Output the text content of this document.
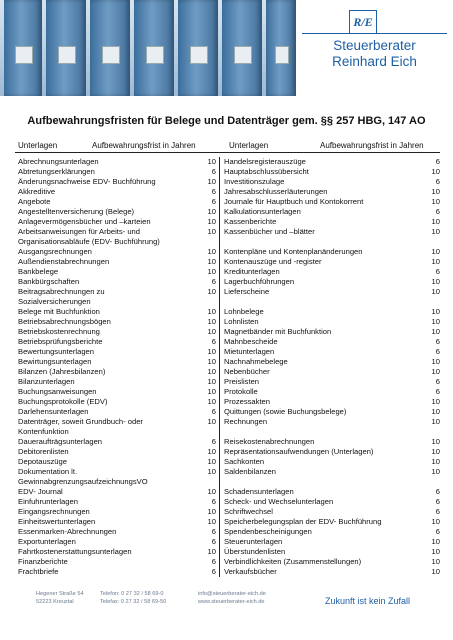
R/E
Steuerberater
Reinhard Eich
Aufbewahrungsfristen für Belege und Datenträger gem. §§ 257 HBG, 147 AO
Unterlagen	Aufbewahrungsfrist in Jahren	Unterlagen	Aufbewahrungsfrist in Jahren
Abrechnungsunterlagen	10	Handelsregisterauszüge	6
Abtretungserklärungen	6	Hauptabschlussübersicht	10
Änderungsnachweise EDV- Buchführung	10	Investitionszulage	6
Akkreditive	6	Jahresabschlusserläuterungen	10
Angebote	6	Journale für Hauptbuch und Kontokorrent	10
Angestelltenversicherung (Belege)	10	Kalkulationsunterlagen	6
Anlagevermögensbücher und –karteien	10	Kassenberichte	10
Arbeitsanweisungen für Arbeits- und	10	Kassenbücher und –blätter	10
Organisationsabläufe (EDV- Buchführung)
Ausgangsrechnungen	10	Kontenpläne und Kontenplanänderungen	10
Außendienstabrechnungen	10	Kontenauszüge und -register	10
Bankbelege	10	Kreditunterlagen	6
Bankbürgschaften	6	Lagerbuchführungen	10
Beitragsabrechnungen zu	10	Lieferscheine	10
Sozialversicherungen
Belege mit Buchfunktion	10	Lohnbelege	10
Betriebsabrechnungsbögen	10	Lohnlisten	10
Betriebskostenrechnung	10	Magnetbänder mit Buchfunktion	10
Betriebsprüfungsberichte	6	Mahnbescheide	6
Bewertungsunterlagen	10	Mietunterlagen	6
Bewirtungsunterlagen	10	Nachnahmebelege	10
Bilanzen (Jahresbilanzen)	10	Nebenbücher	10
Bilanzunterlagen	10	Preislisten	6
Buchungsanweisungen	10	Protokolle	6
Buchungsprotokolle (EDV)	10	Prozessakten	10
Darlehensunterlagen	6	Quittungen (sowie Buchungsbelege)	10
Datenträger, soweit Grundbuch- oder	10	Rechnungen	10
Kontenfunktion
Daueraufträgsunterlagen	6	Reisekostenabrechnungen	10
Debitorenlisten	10	Repräsentationsaufwendungen (Unterlagen)	10
Depotauszüge	10	Sachkonten	10
Dokumentation lt.	10	Saldenbilanzen	10
GewinnabgrenzungsaufzeichnungsVO
EDV- Journal	10	Schadensunterlagen	6
Einfuhrunterlagen	6	Scheck- und Wechselunterlagen	6
Eingangsrechnungen	10	Schriftwechsel	6
Einheitswertunterlagen	10	Speicherbelegungsplan der EDV- Buchführung	10
Essenmarken-Abrechnungen	6	Spendenbescheinigungen	6
Exportunterlagen	6	Steuerunterlagen	10
Fahrtkostenerstattungsunterlagen	10	Überstundenlisten	10
Finanzberichte	6	Verbindlichkeiten (Zusammenstellungen)	10
Frachtbriefe	6	Verkaufsbücher	10
Hegener Straße 54
52223 Kreuztal
Telefon: 0 27 32 / 58 69-0
Telefax: 0 27 32 / 58 69-50
info@steuerberater-eich.de
www.steuerberater-eich.de	Zukunft ist kein Zufall
